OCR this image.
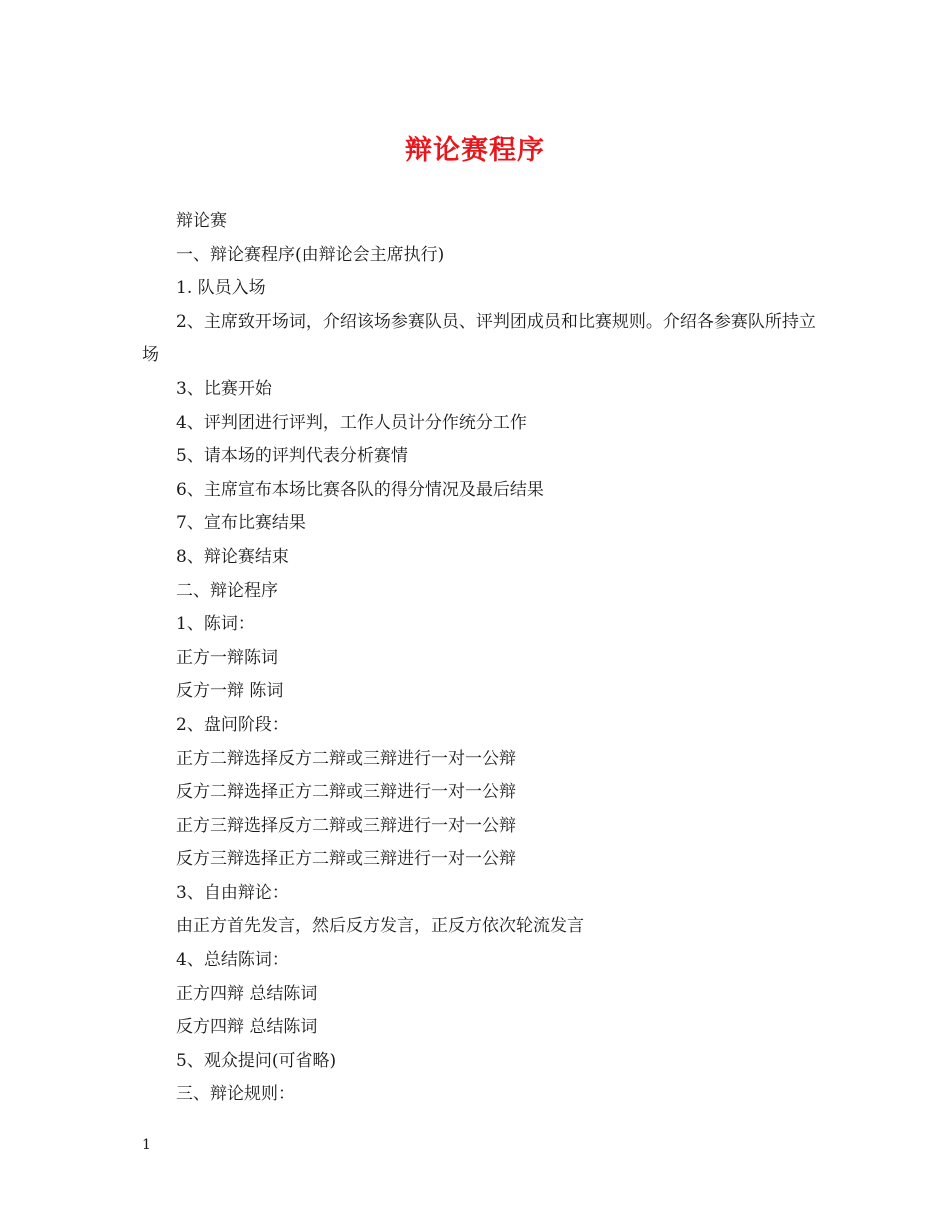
辩论赛程序

辩论赛

一、辩论赛程序(由辩论会主席执行)

1. 队员入场

2、主席致开场词，介绍该场参赛队员、评判团成员和比赛规则。介绍各参赛队所持立场

3、比赛开始

4、评判团进行评判，工作人员计分作统分工作

5、请本场的评判代表分析赛情

6、主席宣布本场比赛各队的得分情况及最后结果

7、宣布比赛结果

8、辩论赛结束

二、辩论程序

1、陈词：

正方一辩陈词

反方一辩 陈词

2、盘问阶段：

正方二辩选择反方二辩或三辩进行一对一公辩

反方二辩选择正方二辩或三辩进行一对一公辩

正方三辩选择反方二辩或三辩进行一对一公辩

反方三辩选择正方二辩或三辩进行一对一公辩

3、自由辩论：

由正方首先发言，然后反方发言，正反方依次轮流发言

4、总结陈词：

正方四辩 总结陈词

反方四辩 总结陈词

5、观众提问(可省略)

三、辩论规则：

1
